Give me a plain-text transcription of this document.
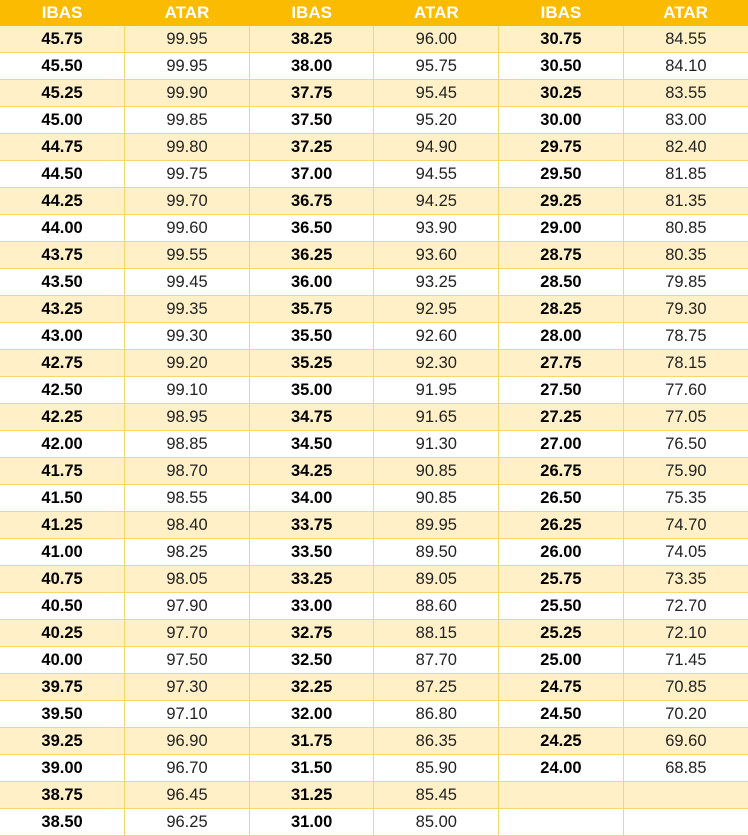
IBAS	ATAR	IBAS	ATAR	IBAS	ATAR
45.75	99.95	38.25	96.00	30.75	84.55
45.50	99.95	38.00	95.75	30.50	84.10
45.25	99.90	37.75	95.45	30.25	83.55
45.00	99.85	37.50	95.20	30.00	83.00
44.75	99.80	37.25	94.90	29.75	82.40
44.50	99.75	37.00	94.55	29.50	81.85
44.25	99.70	36.75	94.25	29.25	81.35
44.00	99.60	36.50	93.90	29.00	80.85
43.75	99.55	36.25	93.60	28.75	80.35
43.50	99.45	36.00	93.25	28.50	79.85
43.25	99.35	35.75	92.95	28.25	79.30
43.00	99.30	35.50	92.60	28.00	78.75
42.75	99.20	35.25	92.30	27.75	78.15
42.50	99.10	35.00	91.95	27.50	77.60
42.25	98.95	34.75	91.65	27.25	77.05
42.00	98.85	34.50	91.30	27.00	76.50
41.75	98.70	34.25	90.85	26.75	75.90
41.50	98.55	34.00	90.85	26.50	75.35
41.25	98.40	33.75	89.95	26.25	74.70
41.00	98.25	33.50	89.50	26.00	74.05
40.75	98.05	33.25	89.05	25.75	73.35
40.50	97.90	33.00	88.60	25.50	72.70
40.25	97.70	32.75	88.15	25.25	72.10
40.00	97.50	32.50	87.70	25.00	71.45
39.75	97.30	32.25	87.25	24.75	70.85
39.50	97.10	32.00	86.80	24.50	70.20
39.25	96.90	31.75	86.35	24.25	69.60
39.00	96.70	31.50	85.90	24.00	68.85
38.75	96.45	31.25	85.45		
38.50	96.25	31.00	85.00		
